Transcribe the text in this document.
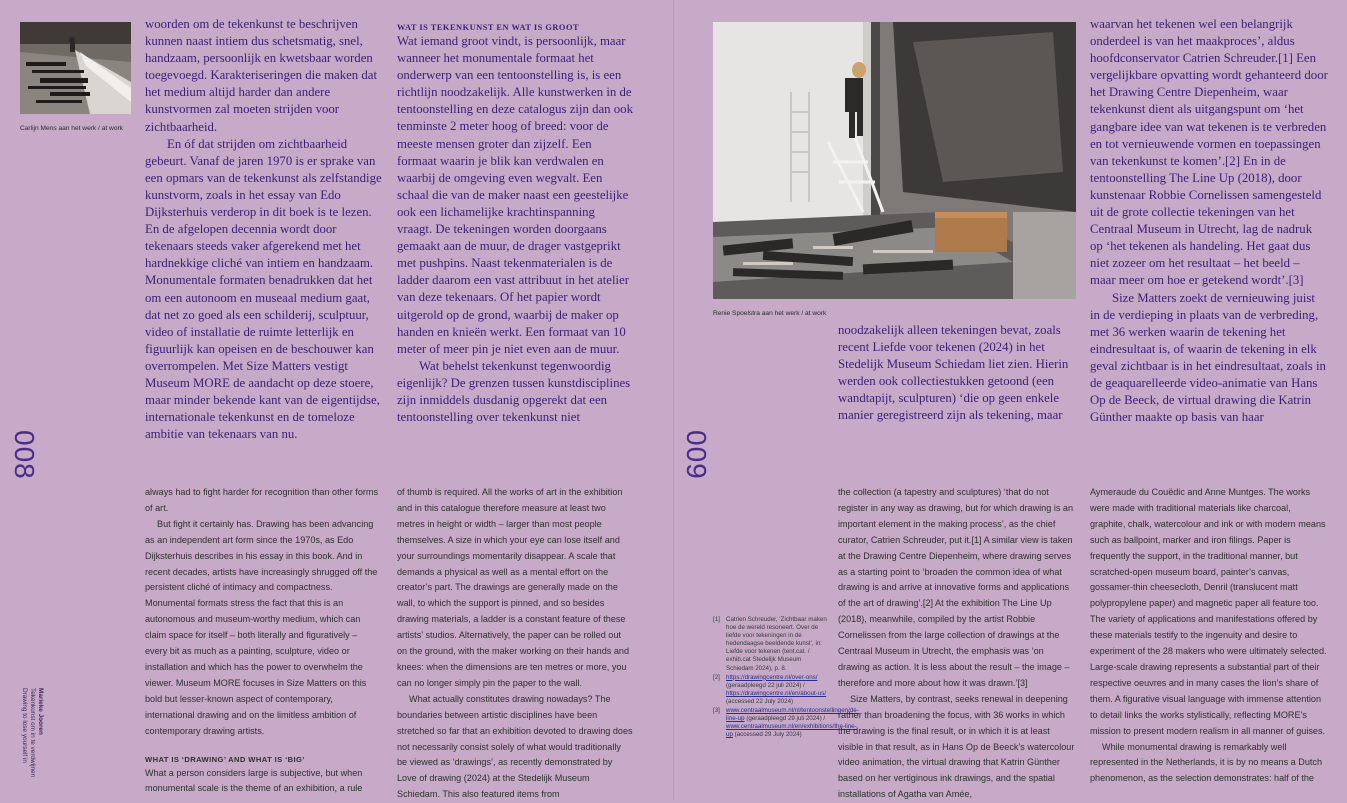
Carlijn Mens aan het werk / at work

woorden om de tekenkunst te beschrijven kunnen naast intiem dus schetsmatig, snel, handzaam, persoonlijk en kwetsbaar worden toegevoegd. Karakteriseringen die maken dat het medium altijd harder dan andere kunstvormen zal moeten strijden voor zichtbaarheid.

En óf dat strijden om zichtbaarheid gebeurt. Vanaf de jaren 1970 is er sprake van een opmars van de tekenkunst als zelfstandige kunstvorm, zoals in het essay van Edo Dijksterhuis verderop in dit boek is te lezen. En de afgelopen decennia wordt door tekenaars steeds vaker afgerekend met het hardnekkige cliché van intiem en handzaam. Monumentale formaten benadrukken dat het om een autonoom en museaal medium gaat, dat net zo goed als een schilderij, sculptuur, video of installatie de ruimte letterlijk en figuurlijk kan opeisen en de beschouwer kan overrompelen. Met Size Matters vestigt Museum MORE de aandacht op deze stoere, maar minder bekende kant van de eigentijdse, internationale tekenkunst en de tomeloze ambitie van tekenaars van nu.

WAT IS TEKENKUNST EN WAT IS GROOT

Wat iemand groot vindt, is persoonlijk, maar wanneer het monumentale formaat het onderwerp van een tentoonstelling is, is een richtlijn noodzakelijk. Alle kunstwerken in de tentoonstelling en deze catalogus zijn dan ook tenminste 2 meter hoog of breed: voor de meeste mensen groter dan zijzelf. Een formaat waarin je blik kan verdwalen en waarbij de omgeving even wegvalt. Een schaal die van de maker naast een geestelijke ook een lichamelijke krachtinspanning vraagt. De tekeningen worden doorgaans gemaakt aan de muur, de drager vastgeprikt met pushpins. Naast tekenmaterialen is de ladder daarom een vast attribuut in het atelier van deze tekenaars. Of het papier wordt uitgerold op de grond, waarbij de maker op handen en knieën werkt. Een formaat van 10 meter of meer pin je niet even aan de muur.

Wat behelst tekenkunst tegenwoordig eigenlijk? De grenzen tussen kunstdisciplines zijn inmiddels dusdanig opgerekt dat een tentoonstelling over tekenkunst niet

008
Marieke Jooren
Tekenkunst om in te verdwijnen
Drawing to lose yourself in

always had to fight harder for recognition than other forms of art.

But fight it certainly has. Drawing has been advancing as an independent art form since the 1970s, as Edo Dijksterhuis describes in his essay in this book. And in recent decades, artists have increasingly shrugged off the persistent cliché of intimacy and compactness. Monumental formats stress the fact that this is an autonomous and museum-worthy medium, which can claim space for itself – both literally and figuratively – every bit as much as a painting, sculpture, video or installation and which has the power to overwhelm the viewer. Museum MORE focuses in Size Matters on this bold but lesser-known aspect of contemporary, international drawing and on the limitless ambition of contemporary drawing artists.

WHAT IS ‘DRAWING’ AND WHAT IS ‘BIG’

What a person considers large is subjective, but when monumental scale is the theme of an exhibition, a rule

of thumb is required. All the works of art in the exhibition and in this catalogue therefore measure at least two metres in height or width – larger than most people themselves. A size in which your eye can lose itself and your surroundings momentarily disappear. A scale that demands a physical as well as a mental effort on the creator’s part. The drawings are generally made on the wall, to which the support is pinned, and so besides drawing materials, a ladder is a constant feature of these artists’ studios. Alternatively, the paper can be rolled out on the ground, with the maker working on their hands and knees: when the dimensions are ten metres or more, you can no longer simply pin the paper to the wall.

What actually constitutes drawing nowadays? The boundaries between artistic disciplines have been stretched so far that an exhibition devoted to drawing does not necessarily consist solely of what would traditionally be viewed as ‘drawings’, as recently demonstrated by Love of drawing (2024) at the Stedelijk Museum Schiedam. This also featured items from

Renie Spoelstra aan het werk / at work
009

noodzakelijk alleen tekeningen bevat, zoals recent Liefde voor tekenen (2024) in het Stedelijk Museum Schiedam liet zien. Hierin werden ook collectiestukken getoond (een wandtapijt, sculpturen) ‘die op geen enkele manier geregistreerd zijn als tekening, maar

waarvan het tekenen wel een belangrijk onderdeel is van het maakproces’, aldus hoofdconservator Catrien Schreuder.[1] Een vergelijkbare opvatting wordt gehanteerd door het Drawing Centre Diepenheim, waar tekenkunst dient als uitgangspunt om ‘het gangbare idee van wat tekenen is te verbreden en tot vernieuwende vormen en toepassingen van tekenkunst te komen’.[2] En in de tentoonstelling The Line Up (2018), door kunstenaar Robbie Cornelissen samengesteld uit de grote collectie tekeningen van het Centraal Museum in Utrecht, lag de nadruk op ‘het tekenen als handeling. Het gaat dus niet zozeer om het resultaat – het beeld – maar meer om hoe er getekend wordt’.[3]

Size Matters zoekt de vernieuwing juist in de verdieping in plaats van de verbreding, met 36 werken waarin de tekening het eindresultaat is, of waarin de tekening in elk geval zichtbaar is in het eindresultaat, zoals in de geaquarelleerde video-animatie van Hans Op de Beeck, de virtual drawing die Katrin Günther maakte op basis van haar

[1] Catrien Schreuder, ‘Zichtbaar maken hoe de wereld resoneert. Over de liefde voor tekeningen in de hedendaagse beeldende kunst’, in: Liefde voor tekenen (tent.cat. / exhib.cat Stedelijk Museum Schiedam 2024), p. 8.
[2] https://drawingcentre.nl/over-ons/ (geraadpleegd 22 juli 2024) / https://drawingcentre.nl/en/about-us/ (accessed 22 July 2024)
[3] www.centraalmuseum.nl/nl/tentoonstellingen/de-line-up (geraadpleegd 29 juli 2024) / www.centraalmuseum.nl/en/exhibitions/the-line-up (accessed 29 July 2024)

the collection (a tapestry and sculptures) ‘that do not register in any way as drawing, but for which drawing is an important element in the making process’, as the chief curator, Catrien Schreuder, put it.[1] A similar view is taken at the Drawing Centre Diepenheim, where drawing serves as a starting point to ‘broaden the common idea of what drawing is and arrive at innovative forms and applications of the art of drawing’.[2] At the exhibition The Line Up (2018), meanwhile, compiled by the artist Robbie Cornelissen from the large collection of drawings at the Centraal Museum in Utrecht, the emphasis was ‘on drawing as action. It is less about the result – the image – therefore and more about how it was drawn.’[3]

Size Matters, by contrast, seeks renewal in deepening rather than broadening the focus, with 36 works in which the drawing is the final result, or in which it is at least visible in that result, as in Hans Op de Beeck’s watercolour video animation, the virtual drawing that Katrin Günther based on her vertiginous ink drawings, and the spatial installations of Agatha van Amée,

Aymeraude du Couëdic and Anne Muntges. The works were made with traditional materials like charcoal, graphite, chalk, watercolour and ink or with modern means such as ballpoint, marker and iron filings. Paper is frequently the support, in the traditional manner, but scratched-open museum board, painter’s canvas, gossamer-thin cheesecloth, Denril (translucent matt polypropylene paper) and magnetic paper all feature too. The variety of applications and manifestations offered by these materials testify to the ingenuity and desire to experiment of the 28 makers who were ultimately selected. Large-scale drawing represents a substantial part of their respective oeuvres and in many cases the lion’s share of them. A figurative visual language with immense attention to detail links the works stylistically, reflecting MORE’s mission to present modern realism in all manner of guises.

While monumental drawing is remarkably well represented in the Netherlands, it is by no means a Dutch phenomenon, as the selection demonstrates: half of the
